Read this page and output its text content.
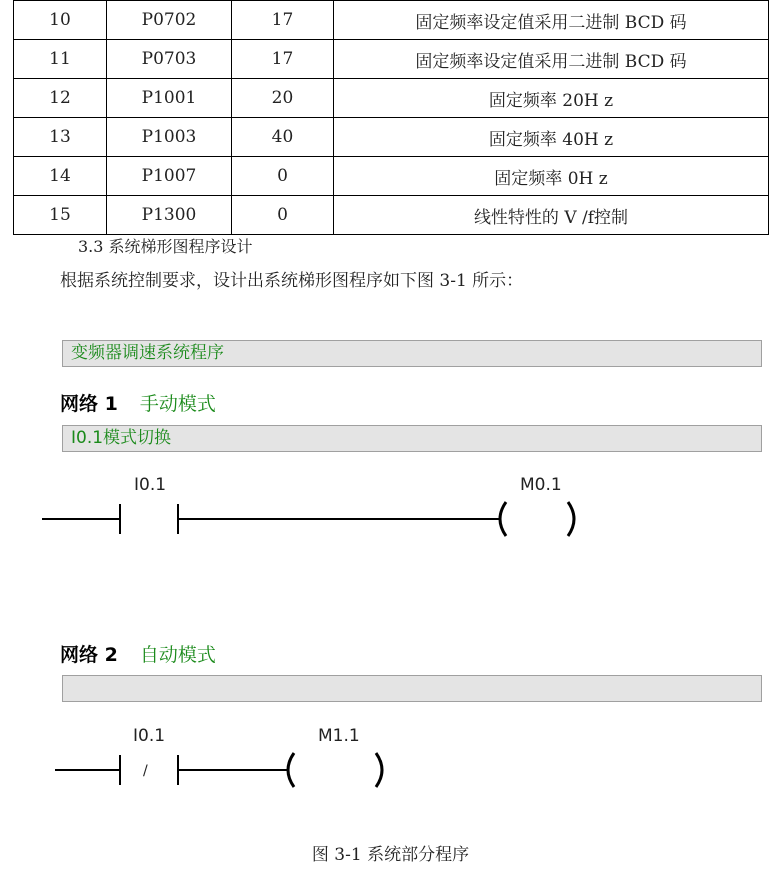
10	P0702	17	固定频率设定值采用二进制 BCD 码
11	P0703	17	固定频率设定值采用二进制 BCD 码
12	P1001	20	固定频率 20H z
13	P1003	40	固定频率 40H z
14	P1007	0	固定频率 0H z
15	P1300	0	线性特性的 V /f控制
3.3 系统梯形图程序设计
根据系统控制要求，设计出系统梯形图程序如下图 3-1 所示：
变频器调速系统程序
网络 1 手动模式
I0.1模式切换
网络 2 自动模式
I0.1	M0.1
I0.1
/
M1.1
图 3-1 系统部分程序
